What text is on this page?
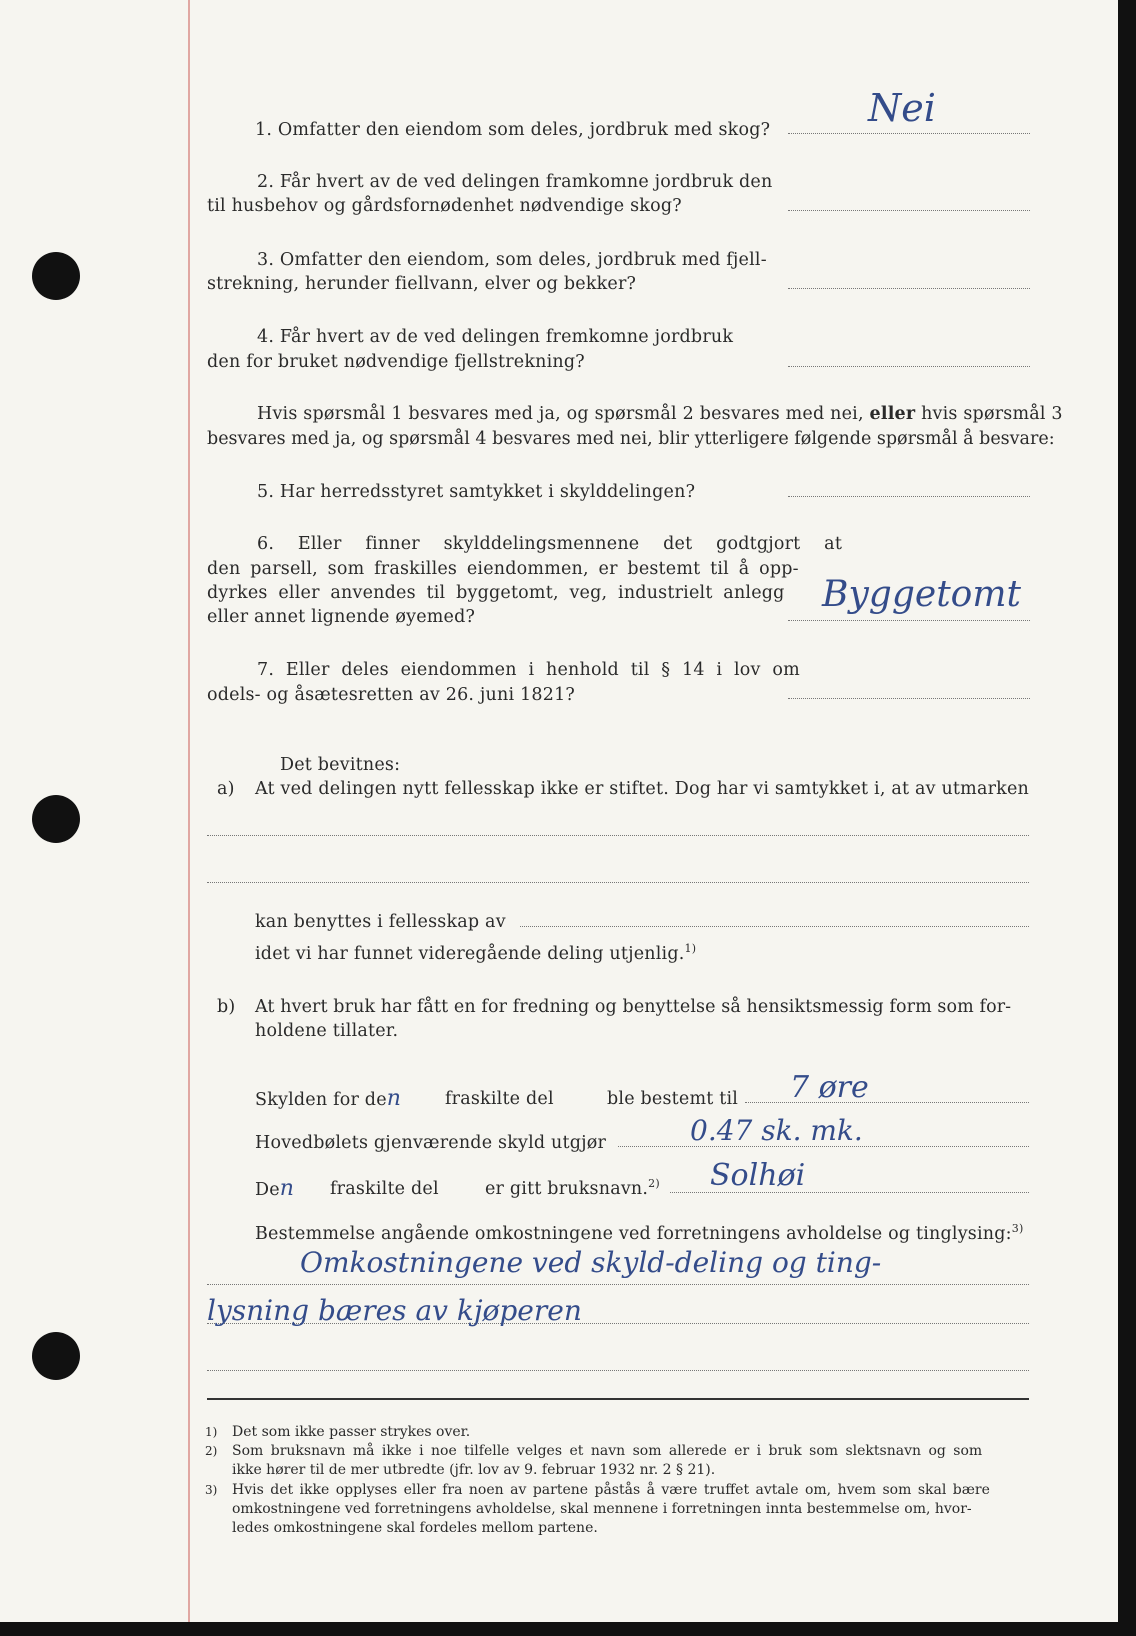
1. Omfatter den eiendom som deles, jordbruk med skog?	Nei
2. Får hvert av de ved delingen framkomne jordbruk den
til husbehov og gårdsfornødenhet nødvendige skog?
3. Omfatter den eiendom, som deles, jordbruk med fjell-
strekning, herunder fiellvann, elver og bekker?
4. Får hvert av de ved delingen fremkomne jordbruk
den for bruket nødvendige fjellstrekning?
Hvis spørsmål 1 besvares med ja, og spørsmål 2 besvares med nei, eller hvis spørsmål 3
besvares med ja, og spørsmål 4 besvares med nei, blir ytterligere følgende spørsmål å besvare:
5. Har herredsstyret samtykket i skylddelingen?
6. Eller finner skylddelingsmennene det godtgjort at
den parsell, som fraskilles eiendommen, er bestemt til å opp-
dyrkes eller anvendes til byggetomt, veg, industrielt anlegg
eller annet lignende øyemed?
Byggetomt
7. Eller deles eiendommen i henhold til § 14 i lov om
odels- og åsætesretten av 26. juni 1821?
Det bevitnes:
a) At ved delingen nytt fellesskap ikke er stiftet. Dog har vi samtykket i, at av utmarken
kan benyttes i fellesskap av
idet vi har funnet videregående deling utjenlig.$^{1)}$
b) At hvert bruk har fått en for fredning og benyttelse så hensiktsmessig form som for-
holdene tillater.
Skylden for den	fraskilte del	ble bestemt til 7 øre
Hovedbølets gjenværende skyld utgjør	0.47 sk. mk.
Den fraskilte del	er gitt bruksnavn.$^{2)}$ Solhøi
Bestemmelse angående omkostningene ved forretningens avholdelse og tinglysing:$^{3)}$
Omkostningene ved skyld-deling og ting-
lysning bæres av kjøperen
1) Det som ikke passer strykes over.
2) Som bruksnavn må ikke i noe tilfelle velges et navn som allerede er i bruk som slektsnavn og som
ikke hører til de mer utbredte (jfr. lov av 9. februar 1932 nr. 2 § 21).
3) Hvis det ikke opplyses eller fra noen av partene påstås å være truffet avtale om, hvem som skal bære
omkostningene ved forretningens avholdelse, skal mennene i forretningen innta bestemmelse om, hvor-
ledes omkostningene skal fordeles mellom partene.
